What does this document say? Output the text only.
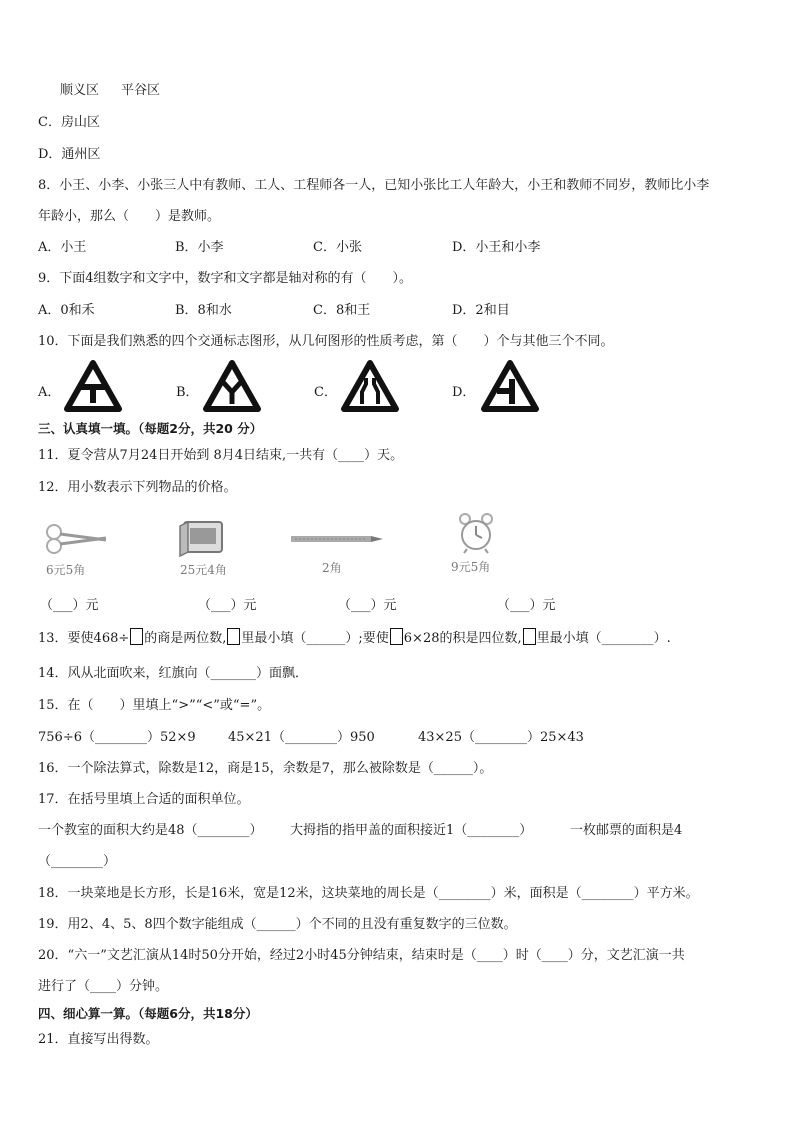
顺义区 平谷区
C．房山区
D．通州区
8．小王、小李、小张三人中有教师、工人、工程师各一人，已知小张比工人年龄大，小王和教师不同岁，教师比小李
年龄小，那么（　　）是教师。
A．小王	B．小李	C．小张	D．小王和小李
9．下面4组数字和文字中，数字和文字都是轴对称的有（　　）。
A．0和禾	B．8和水	C．8和王	D．2和目
10．下面是我们熟悉的四个交通标志图形，从几何图形的性质考虑，第（　　）个与其他三个不同。
A．	B．	C．	D．
三、认真填一填。（每题2分，共20 分）
11．夏令营从7月24日开始到 8月4日结束,一共有（____）天。
12．用小数表示下列物品的价格。
6元5角	25元4角	2角	9元5角
（___）元	（___）元	（___）元	（___）元
13．要使468÷ 的商是两位数, 里最小填（______）;要使 6×28的积是四位数, 里最小填（________）.
14．风从北面吹来，红旗向（_______）面飘．
15．在（　　）里填上“>”“<”或“=”。
756÷6（________）52×9 45×21（________）950	43×25（________）25×43
16．一个除法算式，除数是12，商是15，余数是7，那么被除数是（______）。
17．在括号里填上合适的面积单位。
一个教室的面积大约是48（________） 大拇指的指甲盖的面积接近1（________）	一枚邮票的面积是4
（________）
18．一块菜地是长方形，长是16米，宽是12米，这块菜地的周长是（________）米，面积是（________）平方米。
19．用2、4、5、8四个数字能组成（______）个不同的且没有重复数字的三位数。
20．“六一”文艺汇演从14时50分开始，经过2小时45分钟结束，结束时是（____）时（____）分，文艺汇演一共
进行了（____）分钟。
四、细心算一算。（每题6分，共18分）
21．直接写出得数。
